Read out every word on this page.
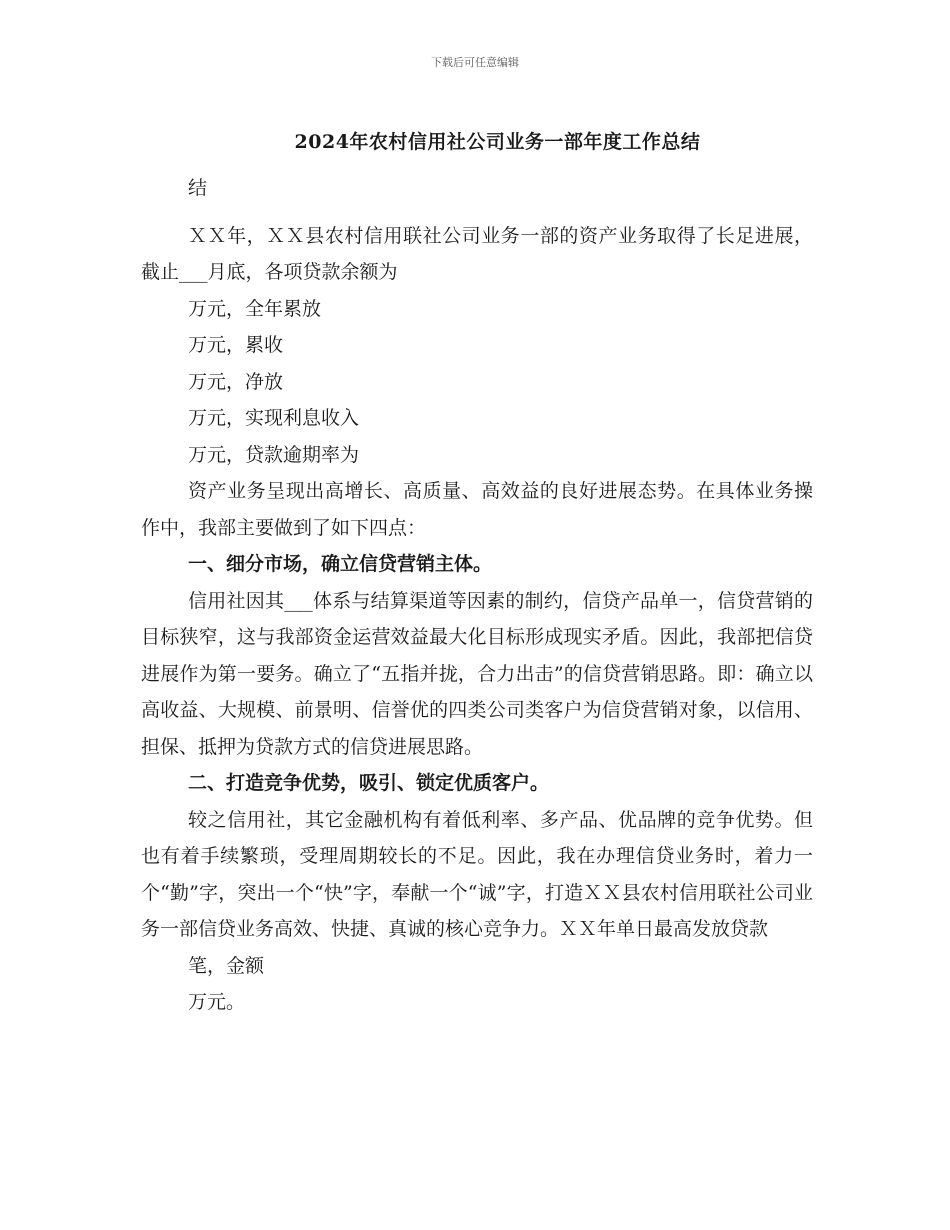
下载后可任意编辑
2024年农村信用社公司业务一部年度工作总结

结

ＸＸ年，ＸＸ县农村信用联社公司业务一部的资产业务取得了长足进展，截止___月底，各项贷款余额为

万元，全年累放

万元，累收

万元，净放

万元，实现利息收入

万元，贷款逾期率为

资产业务呈现出高增长、高质量、高效益的良好进展态势。在具体业务操作中，我部主要做到了如下四点：

一、细分市场，确立信贷营销主体。

信用社因其___体系与结算渠道等因素的制约，信贷产品单一，信贷营销的目标狭窄，这与我部资金运营效益最大化目标形成现实矛盾。因此，我部把信贷进展作为第一要务。确立了“五指并拢，合力出击”的信贷营销思路。即：确立以高收益、大规模、前景明、信誉优的四类公司类客户为信贷营销对象，以信用、担保、抵押为贷款方式的信贷进展思路。

二、打造竞争优势，吸引、锁定优质客户。

较之信用社，其它金融机构有着低利率、多产品、优品牌的竞争优势。但也有着手续繁琐，受理周期较长的不足。因此，我在办理信贷业务时，着力一个“勤”字，突出一个“快”字，奉献一个“诚”字，打造ＸＸ县农村信用联社公司业务一部信贷业务高效、快捷、真诚的核心竞争力。ＸＸ年单日最高发放贷款

笔，金额

万元。
